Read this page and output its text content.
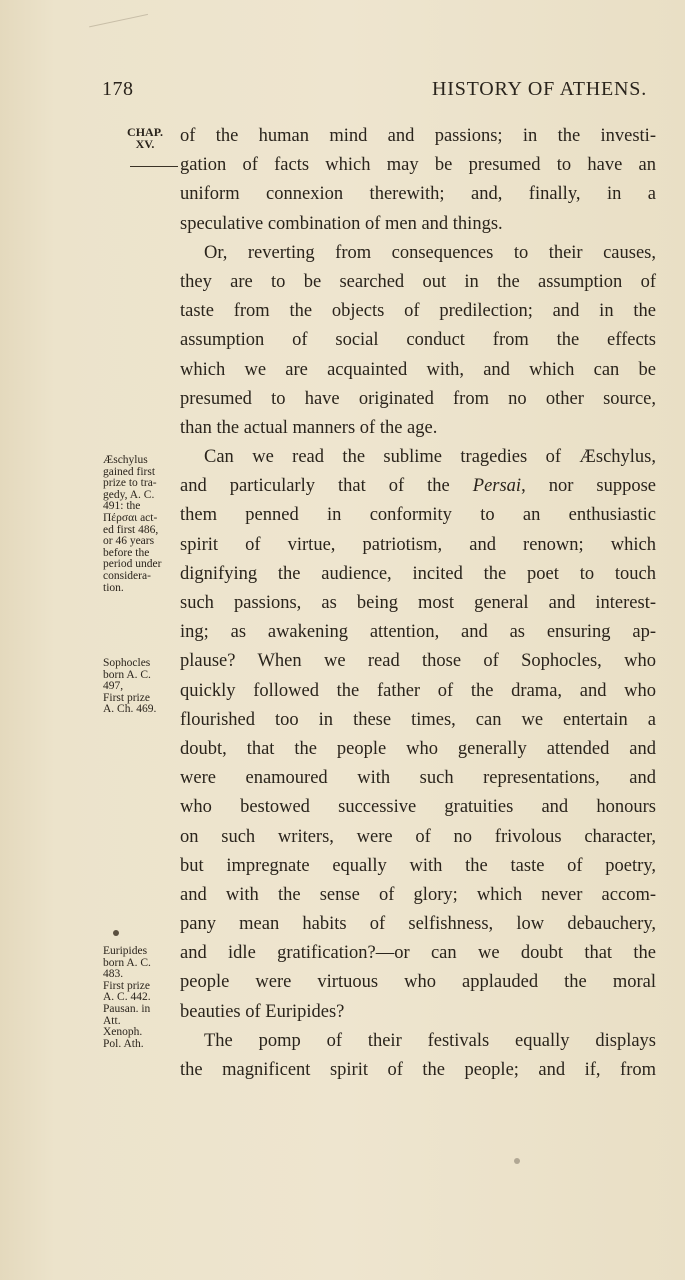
178	HISTORY OF ATHENS.
CHAP.
XV.	of the human mind and passions; in the investi-
gation of facts which may be presumed to have an
uniform connexion therewith; and, finally, in a
speculative combination of men and things.
Or, reverting from consequences to their causes,
they are to be searched out in the assumption of
taste from the objects of predilection; and in the
assumption of social conduct from the effects
which we are acquainted with, and which can be
presumed to have originated from no other source,
than the actual manners of the age.
Can we read the sublime tragedies of Æschylus,
and particularly that of the Persai, nor suppose
them penned in conformity to an enthusiastic
spirit of virtue, patriotism, and renown; which
dignifying the audience, incited the poet to touch
such passions, as being most general and interest-
ing; as awakening attention, and as ensuring ap-
plause? When we read those of Sophocles, who
quickly followed the father of the drama, and who
flourished too in these times, can we entertain a
doubt, that the people who generally attended and
were enamoured with such representations, and
who bestowed successive gratuities and honours
on such writers, were of no frivolous character,
but impregnate equally with the taste of poetry,
and with the sense of glory; which never accom-
pany mean habits of selfishness, low debauchery,
and idle gratification?—or can we doubt that the
people were virtuous who applauded the moral
beauties of Euripides?
The pomp of their festivals equally displays
the magnificent spirit of the people; and if, from
Æschylus
gained first
prize to tra-
gedy, A. C.
491: the
Πέρσαι act-
ed first 486,
or 46 years
before the
period under
considera-
tion.
Sophocles
born A. C.
497,
First prize
A. Ch. 469.
Euripides
born A. C.
483.
First prize
A. C. 442.
Pausan. in
Att.
Xenoph.
Pol. Ath.
